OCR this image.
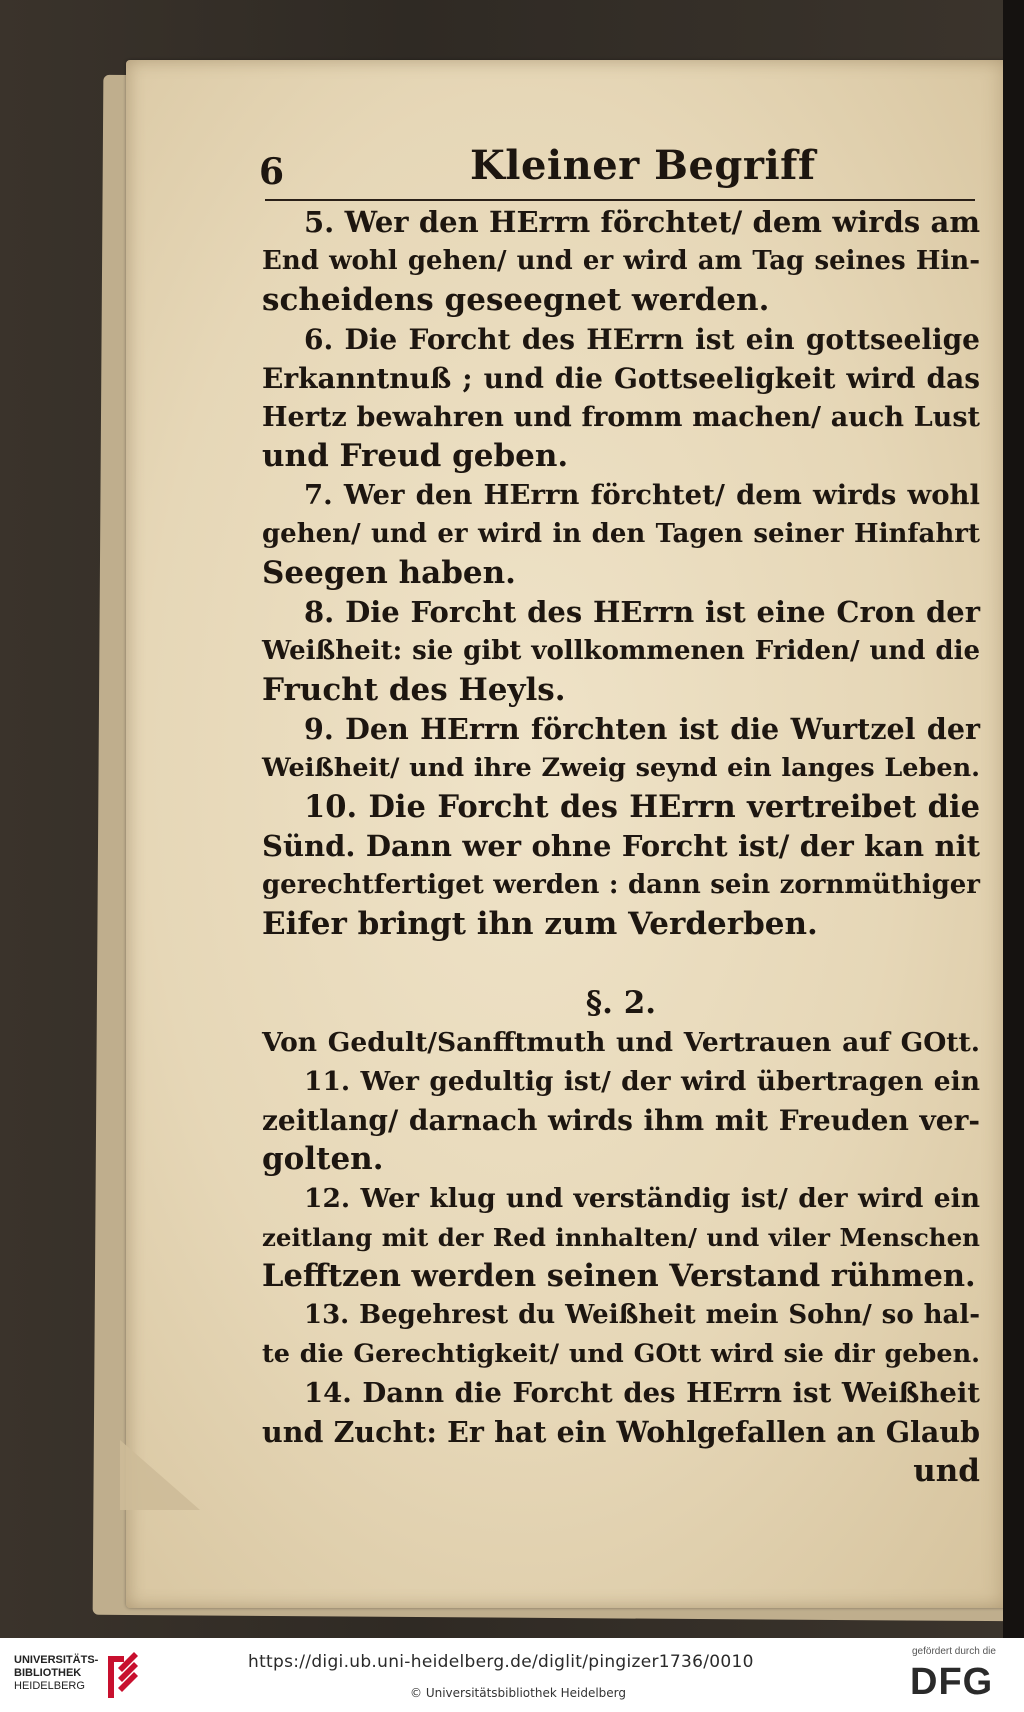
6	Kleiner Begriff
5. Wer den HErrn förchtet/ dem wirds am
End wohl gehen/ und er wird am Tag seines Hin-
scheidens geseegnet werden.
6. Die Forcht des HErrn ist ein gottseelige
Erkanntnuß ; und die Gottseeligkeit wird das
Hertz bewahren und fromm machen/ auch Lust
und Freud geben.
7. Wer den HErrn förchtet/ dem wirds wohl
gehen/ und er wird in den Tagen seiner Hinfahrt
Seegen haben.
8. Die Forcht des HErrn ist eine Cron der
Weißheit: sie gibt vollkommenen Friden/ und die
Frucht des Heyls.
9. Den HErrn förchten ist die Wurtzel der
Weißheit/ und ihre Zweig seynd ein langes Leben.
10. Die Forcht des HErrn vertreibet die
Sünd. Dann wer ohne Forcht ist/ der kan nit
gerechtfertiget werden : dann sein zornmüthiger
Eifer bringt ihn zum Verderben.
§. 2.
Von Gedult/Sanfftmuth und Vertrauen auf GOtt.
11. Wer gedultig ist/ der wird übertragen ein
zeitlang/ darnach wirds ihm mit Freuden ver-
golten.
12. Wer klug und verständig ist/ der wird ein
zeitlang mit der Red innhalten/ und viler Menschen
Lefftzen werden seinen Verstand rühmen.
13. Begehrest du Weißheit mein Sohn/ so hal-
te die Gerechtigkeit/ und GOtt wird sie dir geben.
14. Dann die Forcht des HErrn ist Weißheit
und Zucht: Er hat ein Wohlgefallen an Glaub
und
UNIVERSITÄTS-
BIBLIOTHEK
HEIDELBERG
https://digi.ub.uni-heidelberg.de/diglit/pingizer1736/0010
© Universitätsbibliothek Heidelberg
gefördert durch die
DFG
